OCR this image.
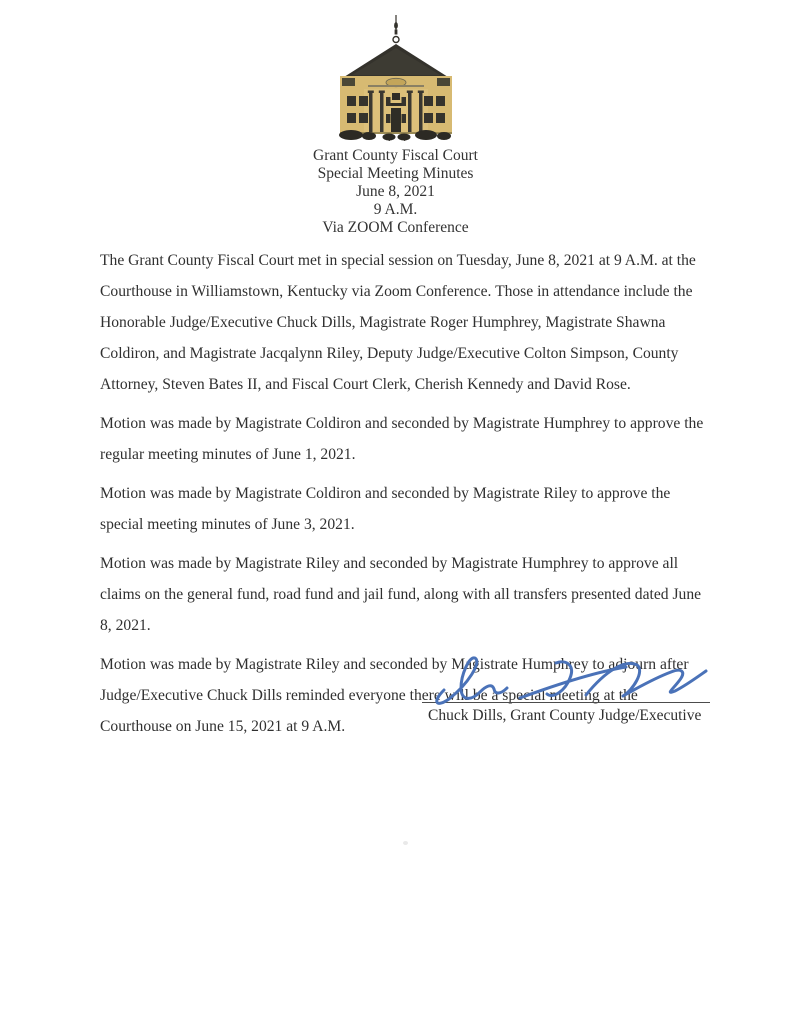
Grant County Fiscal Court
Special Meeting Minutes
June 8, 2021
9 A.M.
Via ZOOM Conference

The Grant County Fiscal Court met in special session on Tuesday, June 8, 2021 at 9 A.M. at the Courthouse in Williamstown, Kentucky via Zoom Conference. Those in attendance include the Honorable Judge/Executive Chuck Dills, Magistrate Roger Humphrey, Magistrate Shawna Coldiron, and Magistrate Jacqalynn Riley, Deputy Judge/Executive Colton Simpson, County Attorney, Steven Bates II, and Fiscal Court Clerk, Cherish Kennedy and David Rose.

Motion was made by Magistrate Coldiron and seconded by Magistrate Humphrey to approve the regular meeting minutes of June 1, 2021.

Motion was made by Magistrate Coldiron and seconded by Magistrate Riley to approve the special meeting minutes of June 3, 2021.

Motion was made by Magistrate Riley and seconded by Magistrate Humphrey to approve all claims on the general fund, road fund and jail fund, along with all transfers presented dated June 8, 2021.

Motion was made by Magistrate Riley and seconded by Magistrate Humphrey to adjourn after Judge/Executive Chuck Dills reminded everyone there will be a special meeting at the Courthouse on June 15, 2021 at 9 A.M.

Chuck Dills, Grant County Judge/Executive
